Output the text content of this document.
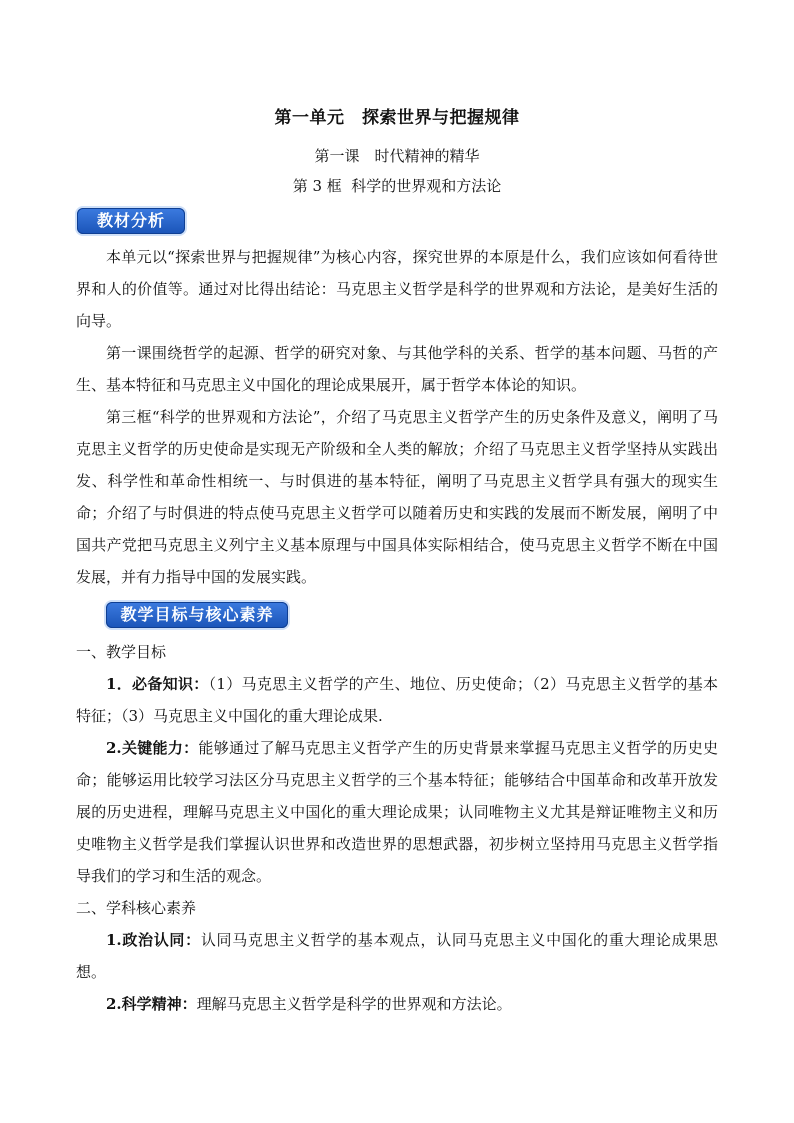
第一单元　探索世界与把握规律
第一课　时代精神的精华
第 3 框  科学的世界观和方法论
教材分析

本单元以“探索世界与把握规律”为核心内容，探究世界的本原是什么，我们应该如何看待世界和人的价值等。通过对比得出结论：马克思主义哲学是科学的世界观和方法论，是美好生活的向导。

第一课围绕哲学的起源、哲学的研究对象、与其他学科的关系、哲学的基本问题、马哲的产生、基本特征和马克思主义中国化的理论成果展开，属于哲学本体论的知识。

第三框“科学的世界观和方法论”，介绍了马克思主义哲学产生的历史条件及意义，阐明了马克思主义哲学的历史使命是实现无产阶级和全人类的解放；介绍了马克思主义哲学坚持从实践出发、科学性和革命性相统一、与时俱进的基本特征，阐明了马克思主义哲学具有强大的现实生命；介绍了与时俱进的特点使马克思主义哲学可以随着历史和实践的发展而不断发展，阐明了中国共产党把马克思主义列宁主义基本原理与中国具体实际相结合，使马克思主义哲学不断在中国发展，并有力指导中国的发展实践。

教学目标与核心素养

一、教学目标

1．必备知识：（1）马克思主义哲学的产生、地位、历史使命；（2）马克思主义哲学的基本特征；（3）马克思主义中国化的重大理论成果.

2.关键能力：能够通过了解马克思主义哲学产生的历史背景来掌握马克思主义哲学的历史史命；能够运用比较学习法区分马克思主义哲学的三个基本特征；能够结合中国革命和改革开放发展的历史进程，理解马克思主义中国化的重大理论成果；认同唯物主义尤其是辩证唯物主义和历史唯物主义哲学是我们掌握认识世界和改造世界的思想武器，初步树立坚持用马克思主义哲学指导我们的学习和生活的观念。

二、学科核心素养

1.政治认同：认同马克思主义哲学的基本观点，认同马克思主义中国化的重大理论成果思想。

2.科学精神：理解马克思主义哲学是科学的世界观和方法论。
